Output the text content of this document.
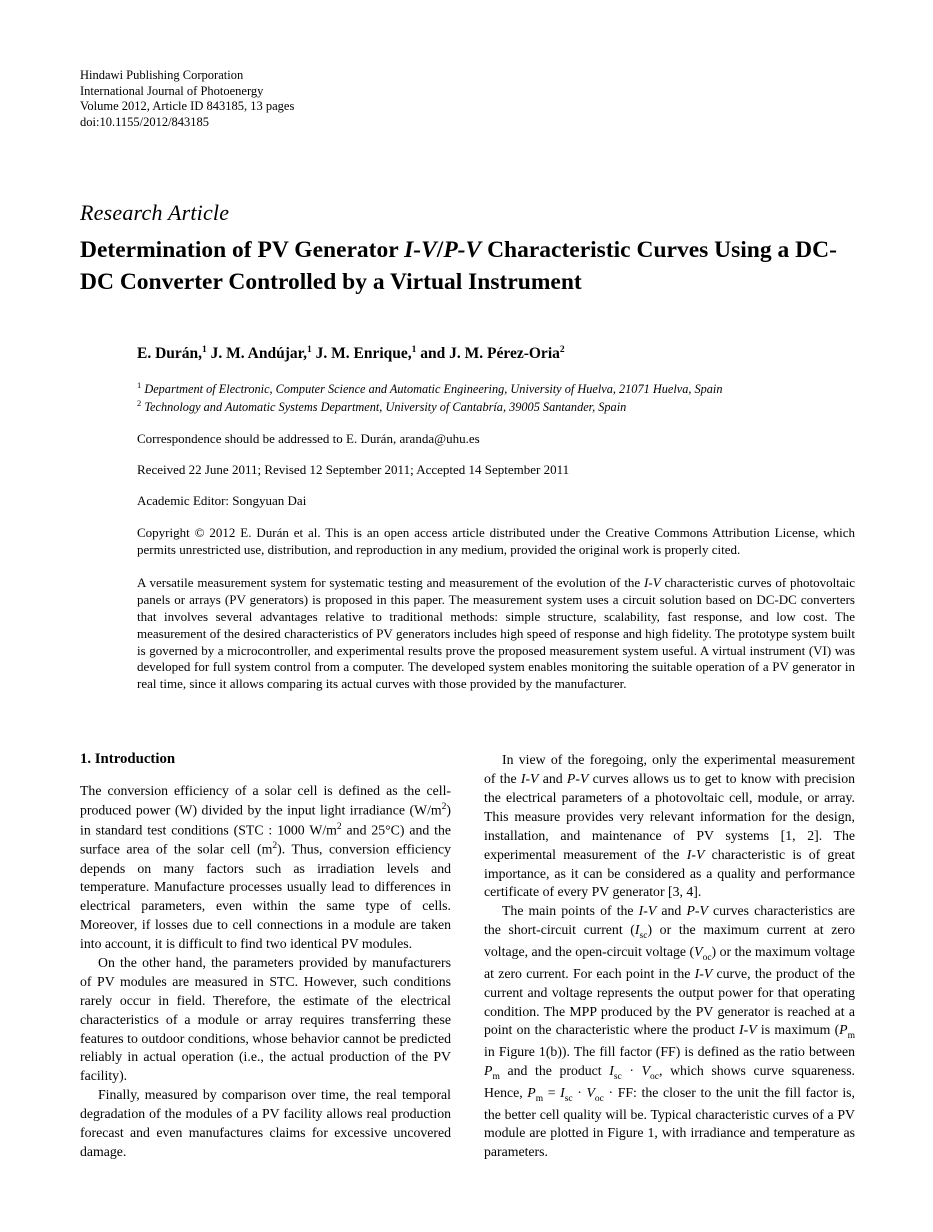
Hindawi Publishing Corporation
International Journal of Photoenergy
Volume 2012, Article ID 843185, 13 pages
doi:10.1155/2012/843185
Research Article
Determination of PV Generator I-V/P-V Characteristic Curves Using a DC-DC Converter Controlled by a Virtual Instrument
E. Durán,$^1$ J. M. Andújar,$^1$ J. M. Enrique,$^1$ and J. M. Pérez-Oria$^2$
$^1$ Department of Electronic, Computer Science and Automatic Engineering, University of Huelva, 21071 Huelva, Spain
$^2$ Technology and Automatic Systems Department, University of Cantabría, 39005 Santander, Spain
Correspondence should be addressed to E. Durán, aranda@uhu.es
Received 22 June 2011; Revised 12 September 2011; Accepted 14 September 2011
Academic Editor: Songyuan Dai
Copyright © 2012 E. Durán et al. This is an open access article distributed under the Creative Commons Attribution License, which permits unrestricted use, distribution, and reproduction in any medium, provided the original work is properly cited.
A versatile measurement system for systematic testing and measurement of the evolution of the I-V characteristic curves of photovoltaic panels or arrays (PV generators) is proposed in this paper. The measurement system uses a circuit solution based on DC-DC converters that involves several advantages relative to traditional methods: simple structure, scalability, fast response, and low cost. The measurement of the desired characteristics of PV generators includes high speed of response and high fidelity. The prototype system built is governed by a microcontroller, and experimental results prove the proposed measurement system useful. A virtual instrument (VI) was developed for full system control from a computer. The developed system enables monitoring the suitable operation of a PV generator in real time, since it allows comparing its actual curves with those provided by the manufacturer.
1. Introduction

The conversion efficiency of a solar cell is defined as the cell-produced power (W) divided by the input light irradiance $(W/m^2)$ in standard test conditions (STC : 1000 $W/m^2$ and 25°C) and the surface area of the solar cell $(m^2)$. Thus, conversion efficiency depends on many factors such as irradiation levels and temperature. Manufacture processes usually lead to differences in electrical parameters, even within the same type of cells. Moreover, if losses due to cell connections in a module are taken into account, it is difficult to find two identical PV modules.

On the other hand, the parameters provided by manufacturers of PV modules are measured in STC. However, such conditions rarely occur in field. Therefore, the estimate of the electrical characteristics of a module or array requires transferring these features to outdoor conditions, whose behavior cannot be predicted reliably in actual operation (i.e., the actual production of the PV facility).

Finally, measured by comparison over time, the real temporal degradation of the modules of a PV facility allows real production forecast and even manufactures claims for excessive uncovered damage.

In view of the foregoing, only the experimental measurement of the I-V and P-V curves allows us to get to know with precision the electrical parameters of a photovoltaic cell, module, or array. This measure provides very relevant information for the design, installation, and maintenance of PV systems [1, 2]. The experimental measurement of the I-V characteristic is of great importance, as it can be considered as a quality and performance certificate of every PV generator [3, 4].

The main points of the I-V and P-V curves characteristics are the short-circuit current $(I_{sc})$ or the maximum current at zero voltage, and the open-circuit voltage $(V_{oc})$ or the maximum voltage at zero current. For each point in the I-V curve, the product of the current and voltage represents the output power for that operating condition. The MPP produced by the PV generator is reached at a point on the characteristic where the product I-V is maximum ($P_m$ in Figure 1(b)). The fill factor (FF) is defined as the ratio between $P_m$ and the product $I_{sc} \cdot V_{oc}$, which shows curve squareness. Hence, $P_m = I_{sc} \cdot V_{oc}$ · FF: the closer to the unit the fill factor is, the better cell quality will be. Typical characteristic curves of a PV module are plotted in Figure 1, with irradiance and temperature as parameters.
